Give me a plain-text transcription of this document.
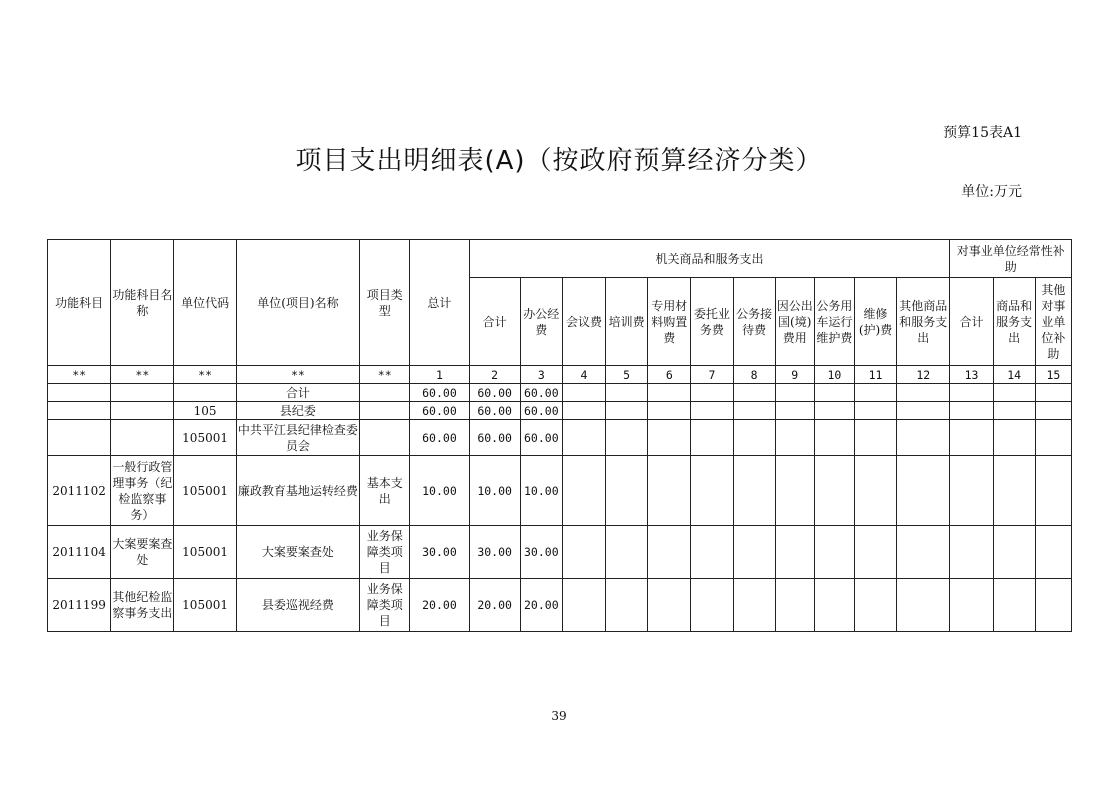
预算15表A1
项目支出明细表(A)（按政府预算经济分类）
单位:万元
功能科目	功能科目名称	单位代码	单位(项目)名称	项目类型	总计	机关商品和服务支出											对事业单位经常性补助		
						合计	办公经费	会议费	培训费	专用材料购置费	委托业务费	公务接待费	因公出国(境)费用	公务用车运行维护费	维修(护)费	其他商品和服务支出	合计	商品和服务支出	其他对事业单位补助
**	**	**	**	**	1	2	3	4	5	6	7	8	9	10	11	12	13	14	15
			合计		60.00	60.00	60.00												
		105	县纪委		60.00	60.00	60.00												
		105001	中共平江县纪律检查委员会		60.00	60.00	60.00												
2011102	一般行政管理事务（纪检监察事务）	105001	廉政教育基地运转经费	基本支出	10.00	10.00	10.00												
2011104	大案要案查处	105001	大案要案查处	业务保障类项目	30.00	30.00	30.00												
2011199	其他纪检监察事务支出	105001	县委巡视经费	业务保障类项目	20.00	20.00	20.00												
39
